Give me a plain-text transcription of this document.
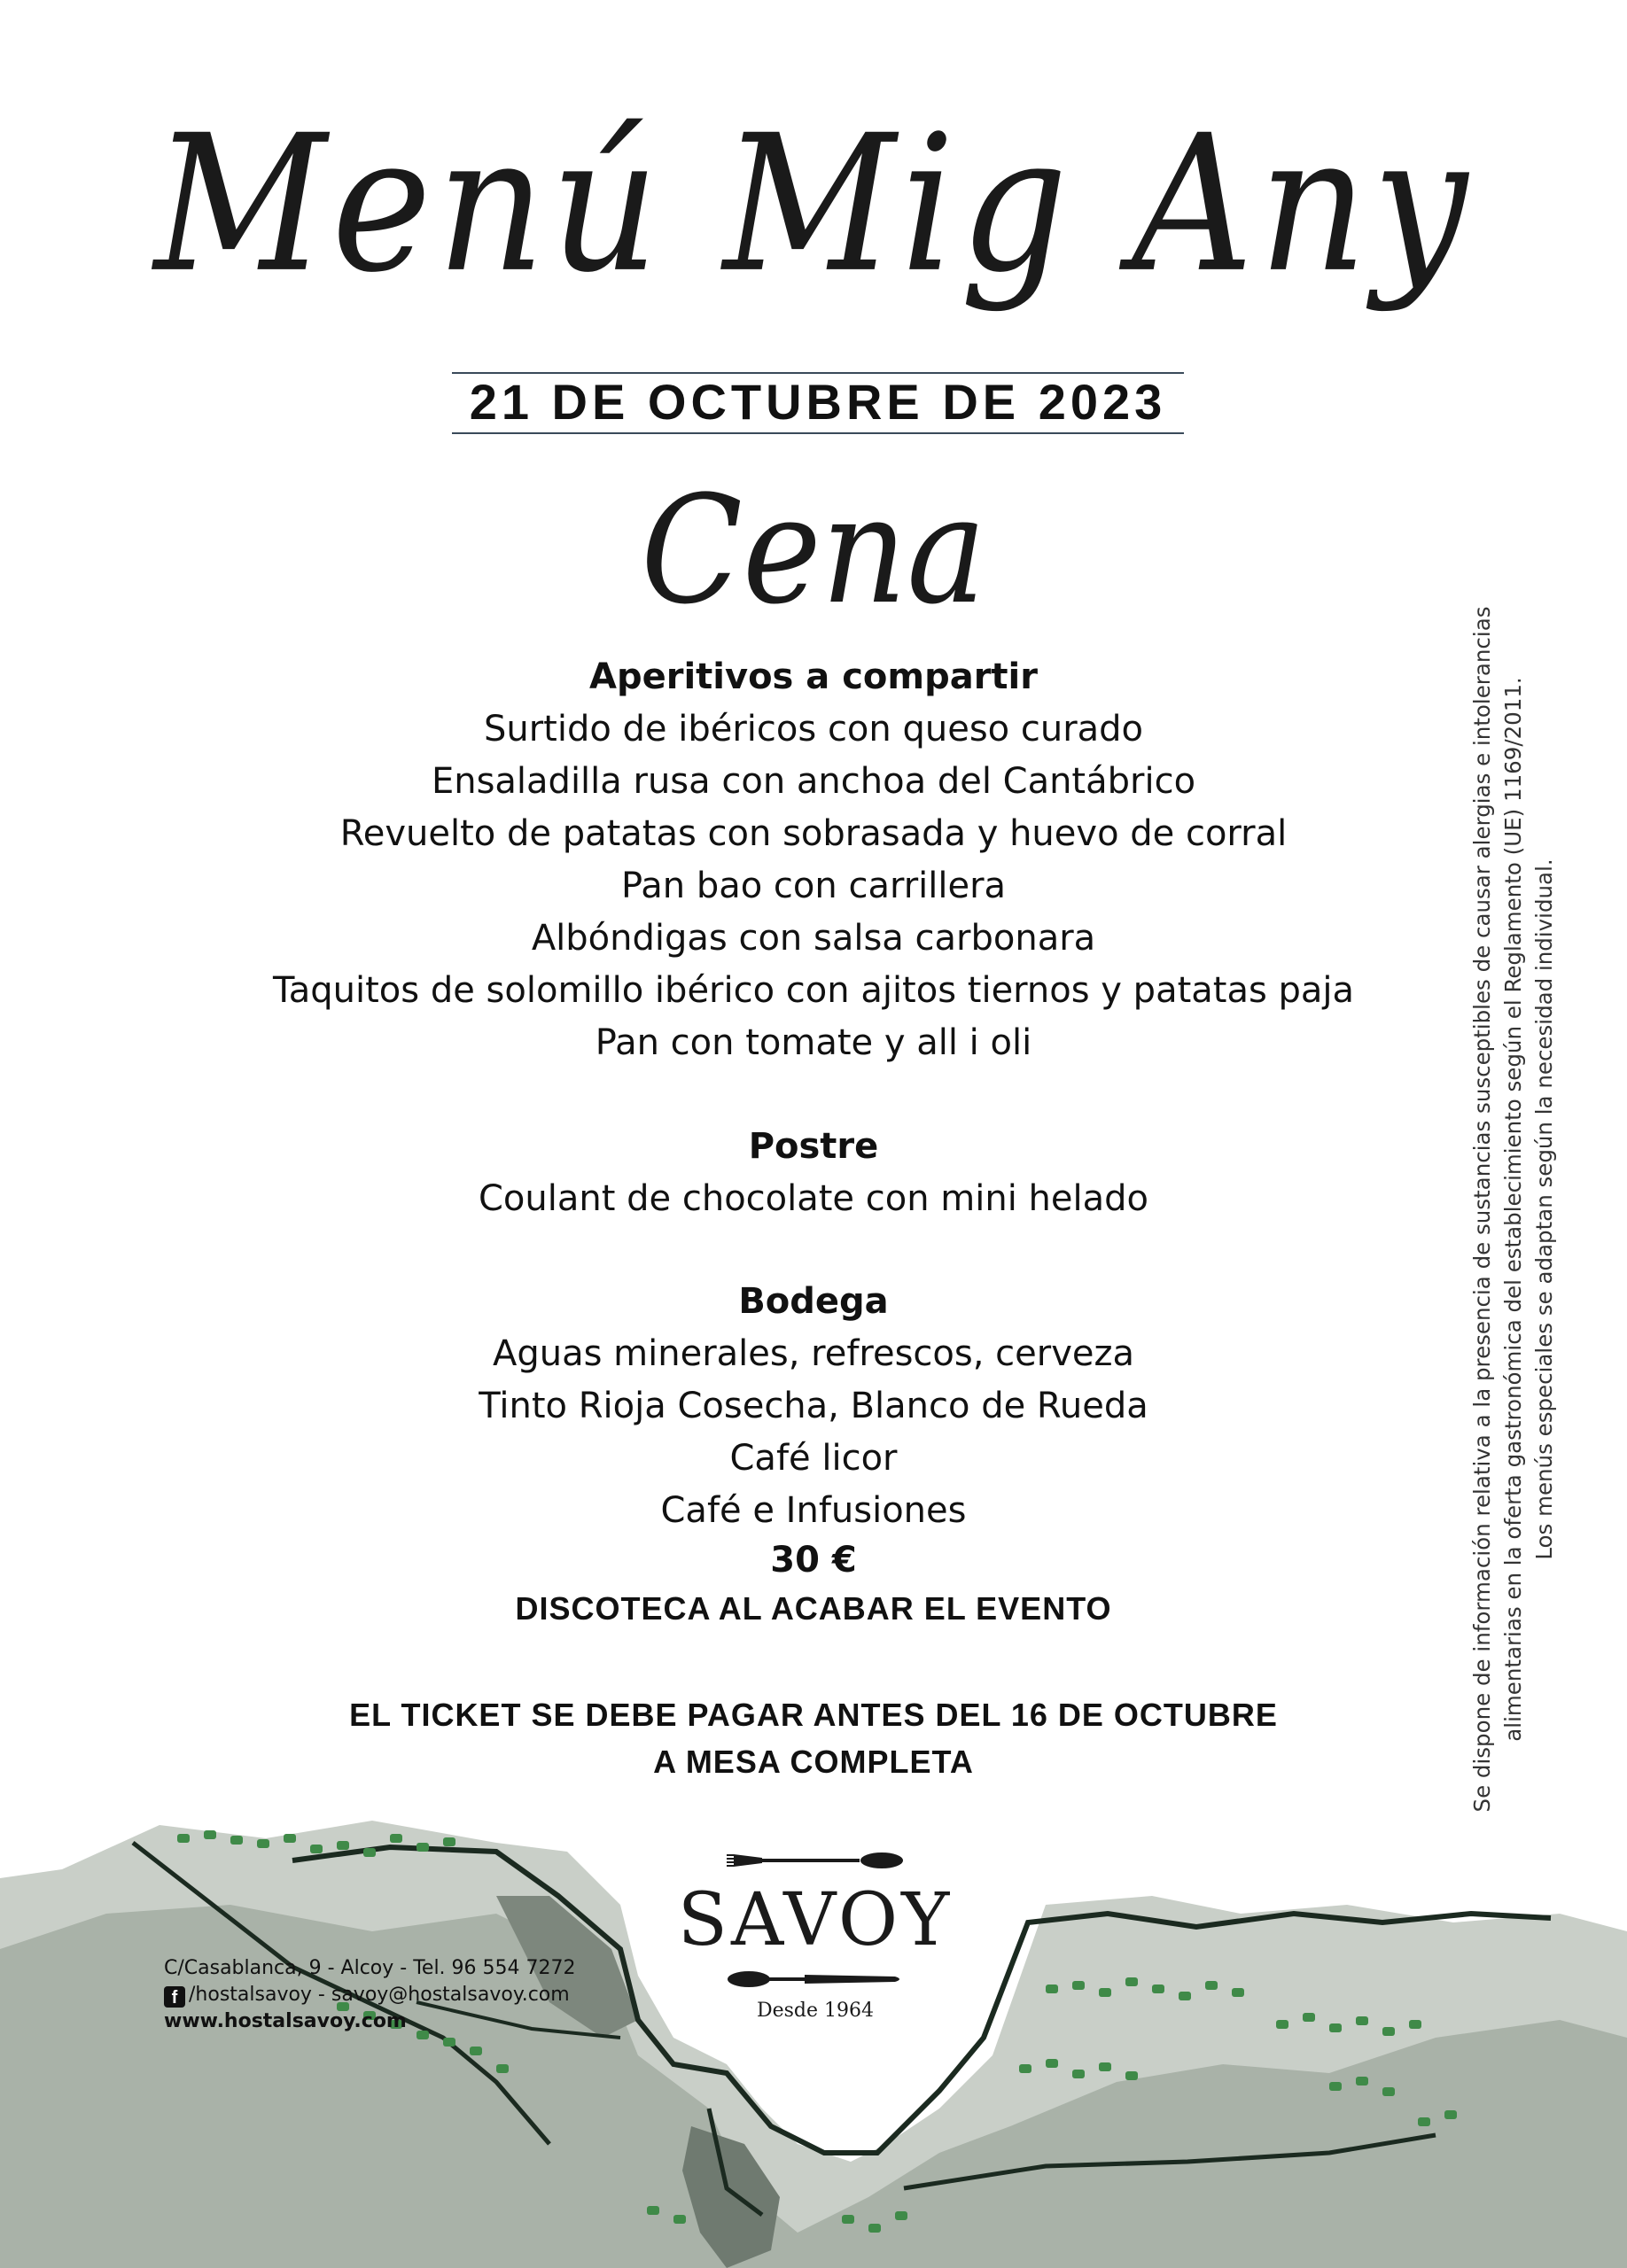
Menú Mig Any
21 DE OCTUBRE DE 2023
Cena
Aperitivos a compartir
Surtido de ibéricos con queso curado
Ensaladilla rusa con anchoa del Cantábrico
Revuelto de patatas con sobrasada y huevo de corral
Pan bao con carrillera
Albóndigas con salsa carbonara
Taquitos de solomillo ibérico con ajitos tiernos y patatas paja
Pan con tomate y all i oli
Postre
Coulant de chocolate con mini helado
Bodega
Aguas minerales, refrescos, cerveza
Tinto Rioja Cosecha, Blanco de Rueda
Café licor
Café e Infusiones
30 €
DISCOTECA AL ACABAR EL EVENTO
EL TICKET SE DEBE PAGAR ANTES DEL 16 DE OCTUBRE
A MESA COMPLETA	Se dispone de información relativa a la presencia de sustancias susceptibles de causar alergias e intolerancias alimentarias en la oferta gastronómica del establecimiento según el Reglamento (UE) 1169/2011. Los menús especiales se adaptan según la necesidad individual.
SAVOY
Desde 1964
C/Casablanca, 9 - Alcoy - Tel. 96 554 7272
f /hostalsavoy - savoy@hostalsavoy.com
www.hostalsavoy.com
